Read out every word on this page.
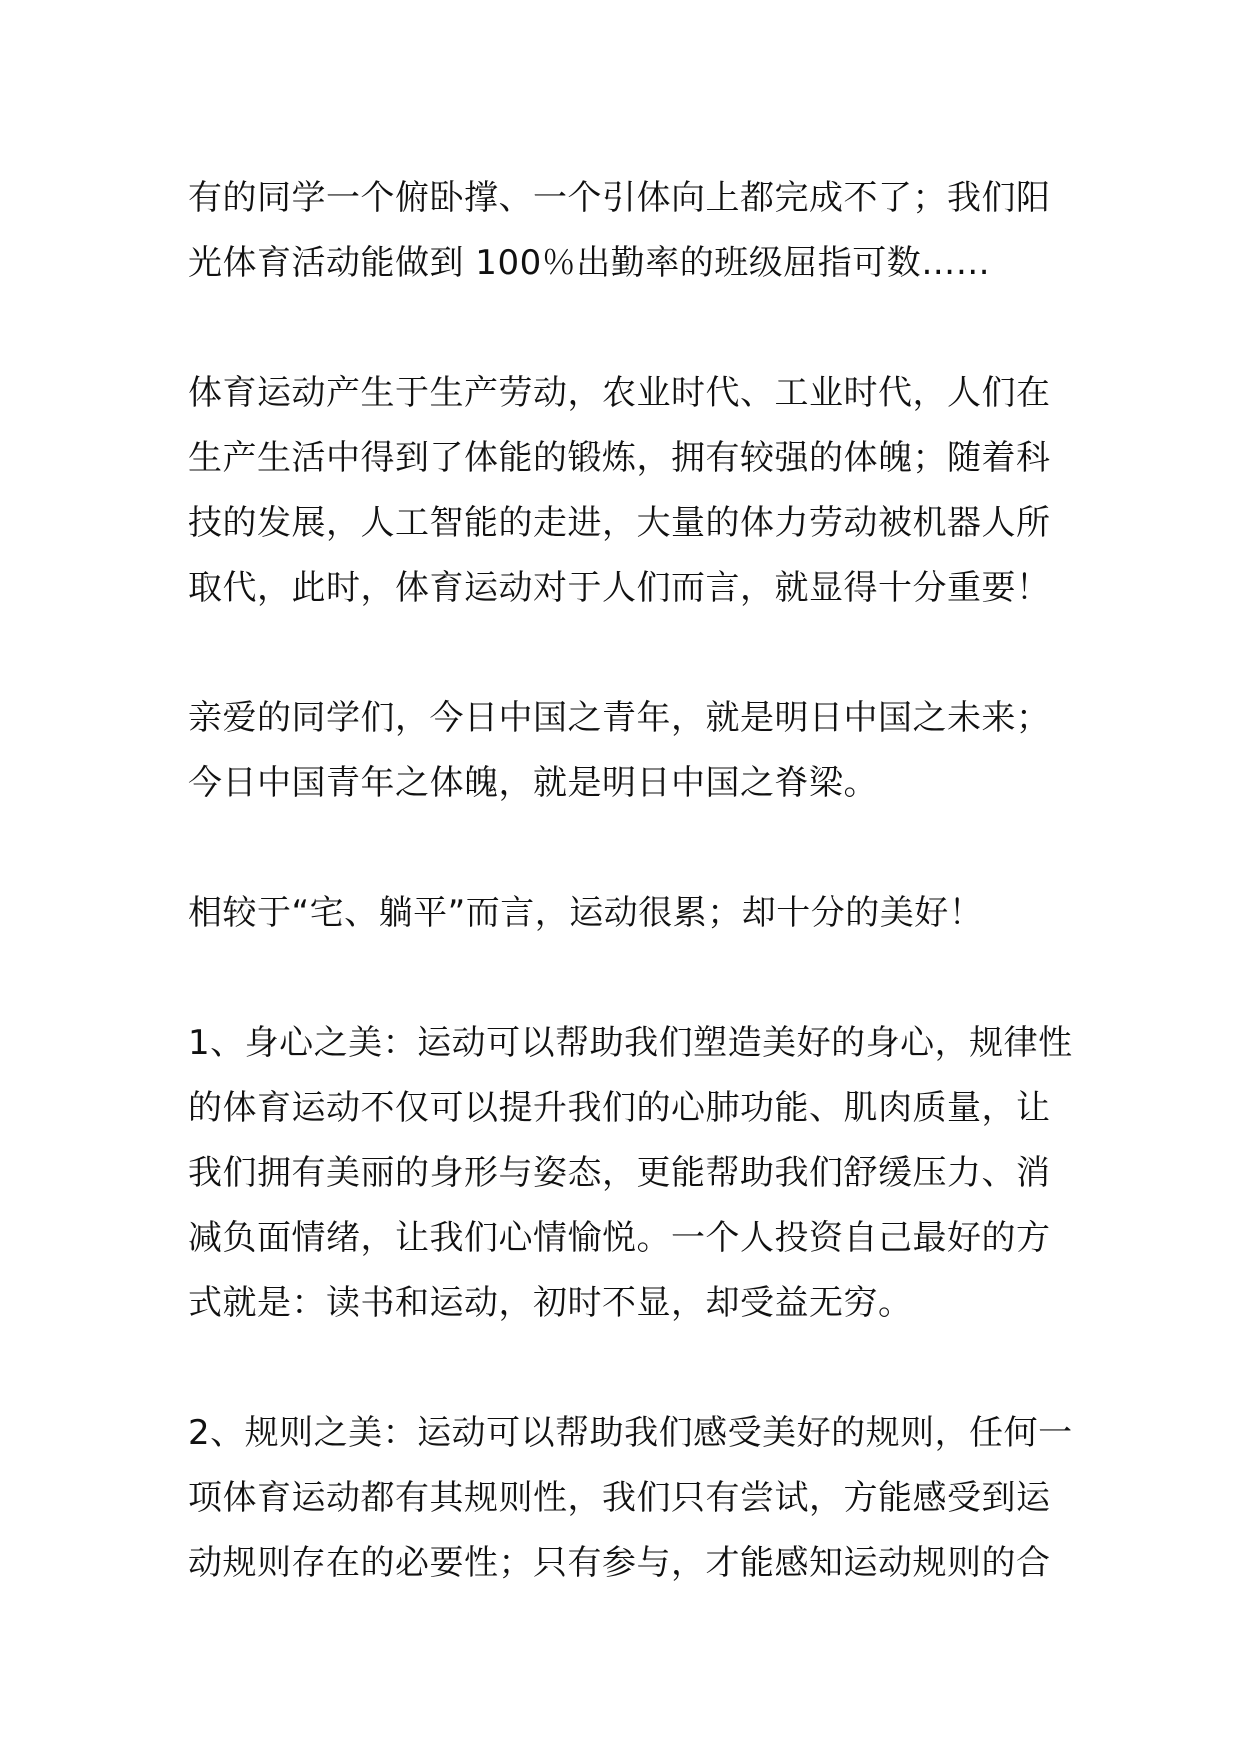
有的同学一个俯卧撑、一个引体向上都完成不了；我们阳
光体育活动能做到 100％出勤率的班级屈指可数……
体育运动产生于生产劳动，农业时代、工业时代，人们在
生产生活中得到了体能的锻炼，拥有较强的体魄；随着科
技的发展，人工智能的走进，大量的体力劳动被机器人所
取代，此时，体育运动对于人们而言，就显得十分重要！
亲爱的同学们，今日中国之青年，就是明日中国之未来；
今日中国青年之体魄，就是明日中国之脊梁。
相较于“宅、躺平”而言，运动很累；却十分的美好！
1、身心之美：运动可以帮助我们塑造美好的身心，规律性
的体育运动不仅可以提升我们的心肺功能、肌肉质量，让
我们拥有美丽的身形与姿态，更能帮助我们舒缓压力、消
减负面情绪，让我们心情愉悦。一个人投资自己最好的方
式就是：读书和运动，初时不显，却受益无穷。
2、规则之美：运动可以帮助我们感受美好的规则，任何一
项体育运动都有其规则性，我们只有尝试，方能感受到运
动规则存在的必要性；只有参与，才能感知运动规则的合
